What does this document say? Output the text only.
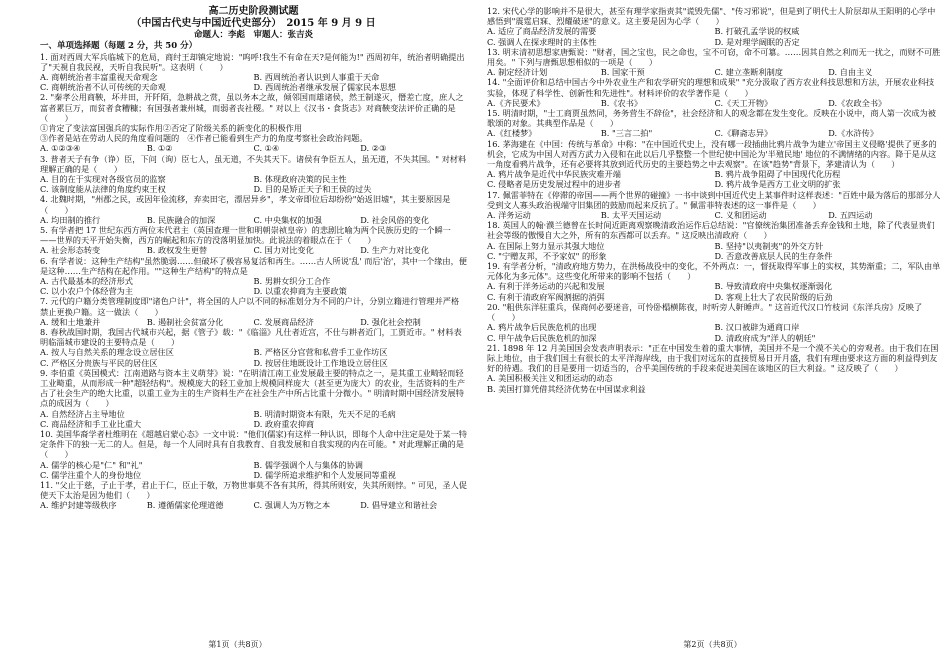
高二历史阶段测试题
（中国古代史与中国近代史部分）　2015 年 9 月 9 日
命题人：李彪　审题人：张吉炎
一、单项选择题（每题 2 分，共 50 分）

1. 面对西周大军兵临城下的危局，商纣王却镇定地说："呜呼!我生不有命在天?是何能为!" 西周初年，统治者明确提出了"天視自我民视，天听自我民听"。这表明（　　）

A. 商朝统治者丰富重视天命观念	B. 西周统治者认识到人事重于天命
C. 商朝统治者不认可传统的天命观	D. 西周统治者继承发展了儒家民本思想

2. "秦孝公用商鞅，坏井田，开阡陌，急耕战之赏，虽以务本之故，倾邻国而雄诸侯，然王制遂灭，僭差亡度，庶人之富者累巨万，而贫者食糟糠；有国强者兼州城，而弱者丧社稷。" 对以上《汉书・食货志》对商鞅变法评价正确的是（　　）

①肯定了变法富国强兵的实际作用②否定了阶级关系的新变化的积极作用

③作者是站在劳动人民的角度看问题的　④作者已能看到生产力的角度考察社会政治问题。

A. ①②③④	B. ①②	C. ①④	D. ②③

3. 普者天子有争（诤）臣，下问（询）臣七人，虽无道，不失其天下。诸侯有争臣五人，虽无道，不失其国。" 对材料理解正确的是（　　）

A. 目的在于实现对各级官员的监察	B. 体现政府决策的民主性
C. 该制度能从法律的角度约束王权	D. 目的是矫正天子和王侯的过失

4. 北魏时期，"州郡之民，或因年俭流移，弃卖田宅，漂居异乡"，孝文帝即位后却纷纷"始返旧墟"，其主要原因是（　　）

A. 均田制的推行	B. 民族融合的加深	C. 中央集权的加强	D. 社会风俗的变化

5. 有学者把 17 世纪东西方两位末代君主（英国查理一世和明朝崇祯皇帝）的悲剧比喻为两个民族历史的一个瞬一——世界的天平开始失衡，西方的崛起和东方的没落明显加快。此说法的着眼点在于（　　）

A. 社会形态转变	B. 政权发生更替	C. 国力对比变化	D. 生产力对比变化

6. 有学者说：这种生产结构"虽然脆弱……但破坏了极容易复活和再生。……古人所说'乱' 而后'治'，其中一个缘由，便是这种……生产结构在起作用。""这种生产结构"的特点是

A. 古代最基本的经济形式	B. 男耕女织分工合作
C. 以小农户个体经营为主	D. 以重农抑商为主要政策

7. 元代的户籍分类管理制度即"诸色户计"，将全国的人户以不同的标准划分为不同的户计，分别立籍进行管理并严格禁止更换户籍。这一做法（　　）

A. 缓和土地兼并	B. 遏制社会贫富分化	C. 发展商品经济	D. 强化社会控制

8. 春秋战国时期，我国古代城市兴起，据《管子》载："《临淄》凡仕者近宫，不仕与耕者近门，工贾近市。" 材料表明临淄城市建设的主要特点是（　　）

A. 按人与自然关系的理念设立居住区	B. 严格区分官营和私营手工业作坊区
C. 严格区分贵族与平民的居住区	D. 按居住地既设计工作地设立居住区

9. 李伯重《英国模式：江南道路与资本主义萌芽》说："在明清江南工业发展最主要的特点之一，是其重工业畸轻而轻工业畸重，从而形成一种"超轻结构"。规模庞大的轻工业加上规模同样庞大（甚至更为庞大）的农业，生活资料的生产占了社会生产的绝大比重，以重工业为主的生产资料生产在社会生产中所占比重十分微小。" 明清时期中国经济发展特点的成因为（　　）

A. 自然经济占主导地位	B. 明清时期资本有限，先天不足的毛病
C. 商品经济和手工业比重大	D. 政府重农抑商

10. 美国华裔学者杜维明在《超越启蒙心态》一文中说："他们(儒家)有这样一种认识，即每个人命中注定是处于某一特定条件下的独一无二的人。但是，每一个人同时具有自我教育、自我发展和自我实现的内在可能。" 对此理解正确的是（　　）

A. 儒学的核心是"仁" 和"礼"	B. 儒学强调个人与集体的协调
C. 儒学注重个人的身份地位	D. 儒学所追求维护和个人发展同等重视

11. "父止于慈，子止于孝，君止于仁，臣止于敬，万物世事莫不各有其所，得其所则安，失其所则悖。" 可见，圣人促使天下太治是因为他们（　　）

A. 维护封建等级秩序	B. 遵循儒家伦理道德	C. 强调人为万物之本	D. 倡导建立和谐社会
第1页（共8页）

12. 宋代心学的影响并不是很大，甚至有理学家指责其"谎毁先儒"、"传习邪说"，但是到了明代士人阶层却从王阳明的心学中感悟到"震霆启寐、烈耀破迷"的意义。这主要是因为心学（　　）

A. 适应了商品经济发展的需要	B. 打破孔孟学说的权威
C. 强调人在探求理时的主体性	D. 是对理学阔眠的否定

13. 明末清初思想家唐甄说："财者，国之宝也，民之命也，宝不可窃，命不可簒。……因其自然之利而无一扰之，而财不可胜用矣。" 下列与唐甄思想相似的一项是（　　）

A. 制定经济计划	B. 国家干预	C. 建立垄断利制度	D. 自由主义

14. "全面评价和总结中国古今中外农业生产和农学研究的理想和成果" "充分汲取了西方农业科技思想和方法，开展农业科技实验，体现了科学性、创新性和先进性"。材料评价的农学著作是（　　）

A.《齐民要术》	B.《农书》	C.《天工开物》	D.《农政全书》

15. 明清时期，"士工商贾虽然同，务务营生不辞俭"，社会经济和人的观念都在发生变化。反映在小说中，商人第一次成为被歌颂的对象。其典型作品是（　　）

A.《红楼梦》	B. "三言二拍"	C.《聊斋志异》	D.《水浒传》

16. 茅海建在《中国：传统与革命》中称："在中国近代史上，没有哪一段插曲比鸦片战争为建立'帝国主义侵略'提供了更多的机会，它成为中国人对西方武力入侵和在此以后几乎整整一个世纪使中国沦为'半殖民地' 地位的不满情绪的内容。降于是从这一角度看鸦片战争，还有必要将其放到近代历史的主要趋势之中去观察"。在该"趋势"背景下，茅建清认为（　　）

A. 鸦片战争是近代中华民族灾难开端	B. 鸦片战争阻碍了中国现代化历程
C. 侵略者是历史发展过程中的进步者	D. 鸦片战争是西方工业文明的扩张

17. 佩雷菲特在《停滞的帝国——两个世界的碰撞》一书中谈到中国近代史上某事件时这样表述："百姓中最为落后的那部分人受到文人寡头政治视端守旧集团的鼓励而起来反抗了。" 佩雷菲特表述的这一事件是（　　）

A. 洋务运动	B. 太平天国运动	C. 义和团运动	D. 五四运动

18. 英国人的翰·濮兰德曾在长时间近距离观察晚清政治运作后总结说："官僚统治集团准备丢弃金钱和土地，除了代表显贵们社会等级的傲慢自大之外，所有的东西都可以丢弃。" 这反映出清政府（　　）

A. 在国际上努力显示其强大地位	B. 坚持"以夷制夷"的外交方针
C. "宁赠友邦，不予家奴" 的形象	D. 否意改善底层人民的生存条件

19. 有学者分析，"清政府地方势力，在洪杨战役中的变化，不外两点：一，督抚取得军事上的实权，其势渐重；二，军队由单元体化为多元体"。这些变化所带来的影响不包括（　　）

A. 有利于洋务运动的兴起和发展	B. 导致清政府中央集权逐渐弱化
C. 有利于清政府军阀割据的消弭	D. 客观上壮大了农民阶级的后劲

20. "粗供东洋驻重兵，保商何必要迷音，可怜卧榻横陈夜，时听旁人鼾睡声。" 这首近代汉口竹枝词《东洋兵房》反映了（　　）

A. 鸦片战争后民族危机的出现	B. 汉口被辟为通商口岸
C. 甲午战争后民族危机的加深	D. 清政府成为"洋人的朝廷"

21. 1898 年 12 月美国国会发表声明表示："正在中国发生着的重大事情，美国并不是一个漠不关心的旁观者。由于我们在国际上地位，由于我们国土有很长的太平洋海岸线，由于我们对远东的直接贸易日开月盛，我们有理由要求这方面的利益得到友好的待遇。我们的目是要用一切适当的，合乎美国传统的手段来促进美国在该地区的巨大利益。" 这反映了（　　）

A. 美国积极关注义和团运动的动态

B. 美国打算凭借其经济优势在中国谋求利益

第2页（共8页）
